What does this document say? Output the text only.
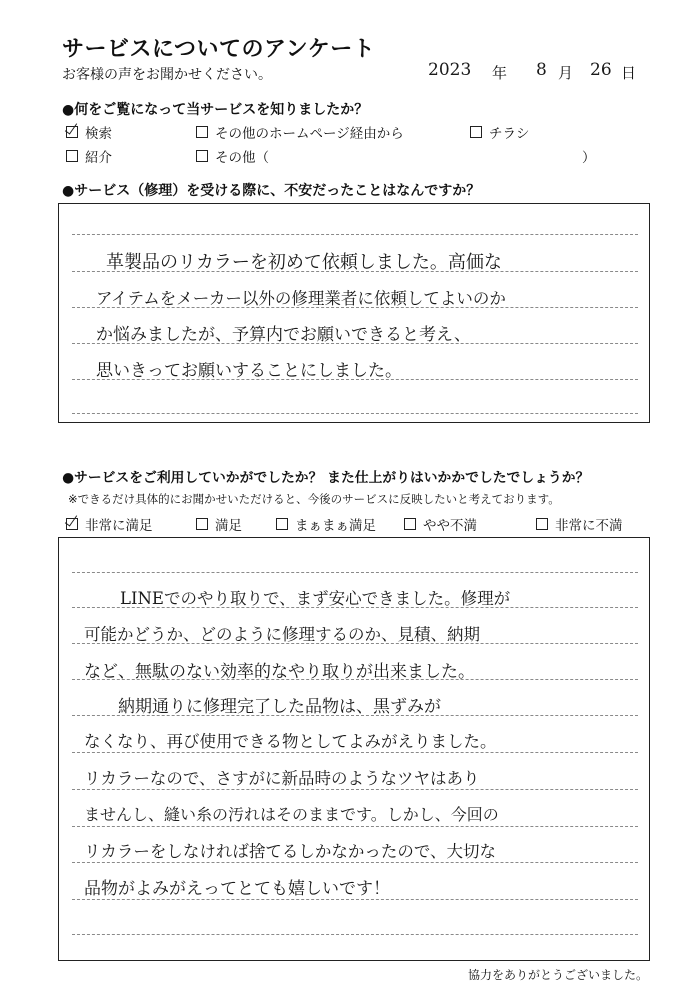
サービスについてのアンケート
お客様の声をお聞かせください。	2023 年 8 月 26 日
●何をご覧になって当サービスを知りましたか？
検索	その他のホームページ経由から	チラシ
紹介	その他（	）
●サービス（修理）を受ける際に、不安だったことはなんですか？
革製品のリカラーを初めて依頼しました。高価な
アイテムをメーカー以外の修理業者に依頼してよいのか
か悩みましたが、予算内でお願いできると考え、
思いきってお願いすることにしました。
●サービスをご利用していかがでしたか？ また仕上がりはいかかでしたでしょうか？
※できるだけ具体的にお聞かせいただけると、今後のサービスに反映したいと考えております。
非常に満足	満足	まぁまぁ満足	やや不満	非常に不満
LINEでのやり取りで、まず安心できました。修理が
可能かどうか、どのように修理するのか、見積、納期
など、無駄のない効率的なやり取りが出来ました。
納期通りに修理完了した品物は、黒ずみが
なくなり、再び使用できる物としてよみがえりました。
リカラーなので、さすがに新品時のようなツヤはあり
ませんし、縫い糸の汚れはそのままです。しかし、今回の
リカラーをしなければ捨てるしかなかったので、大切な
品物がよみがえってとても嬉しいです！
協力をありがとうございました。
